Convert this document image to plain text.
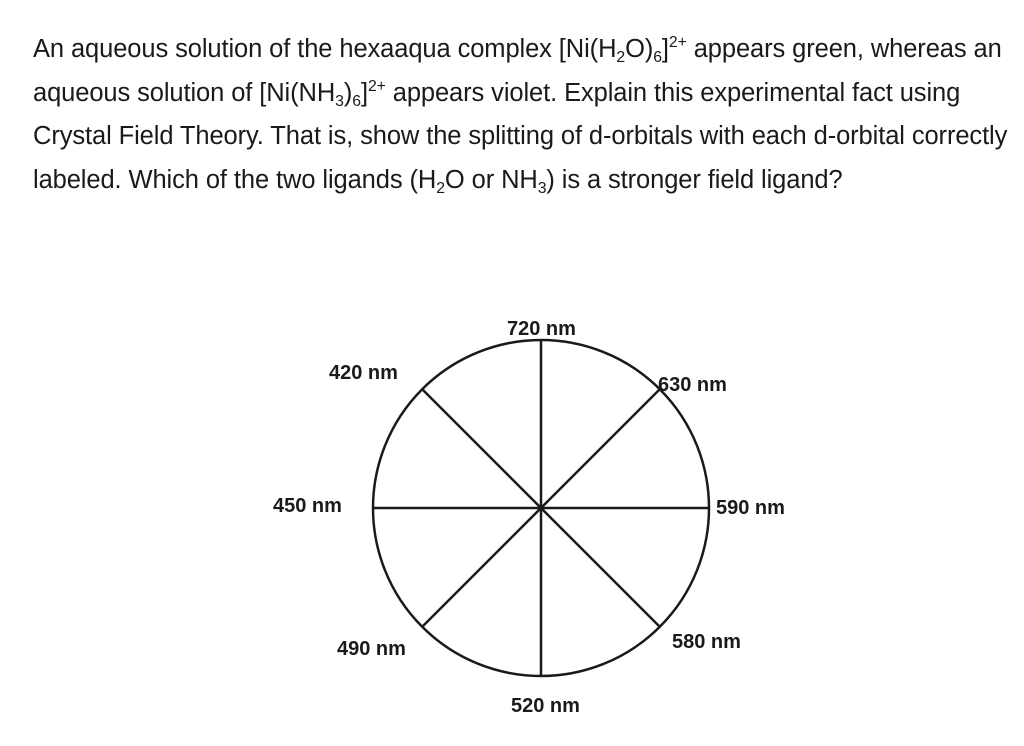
An aqueous solution of the hexaaqua complex $[Ni(H_2O)_6]^{2+}$ appears green, whereas an aqueous solution of $[Ni(NH_3)_6]^{2+}$ appears violet. Explain this experimental fact using Crystal Field Theory. That is, show the splitting of d-orbitals with each d-orbital correctly labeled. Which of the two ligands ($H_2O$ or $NH_3$) is a stronger field ligand?

720 nm
630 nm
590 nm
580 nm
520 nm
490 nm
450 nm
420 nm
